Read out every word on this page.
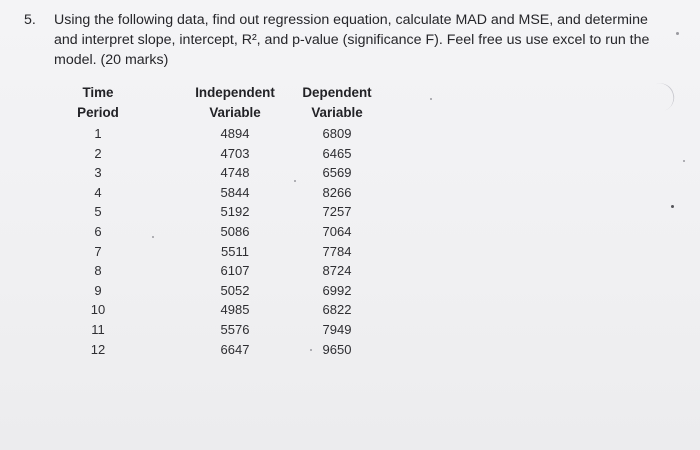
5. Using the following data, find out regression equation, calculate MAD and MSE, and determine
and interpret slope, intercept, R², and p-value (significance F). Feel free us use excel to run the
model. (20 marks)
Time
Period
1
2
3
4
5
6
7
8
9
10
11
12
Independent
Variable
4894
4703
4748
5844
5192
5086
5511
6107
5052
4985
5576
6647
Dependent
Variable
6809
6465
6569
8266
7257
7064
7784
8724
6992
6822
7949
9650
